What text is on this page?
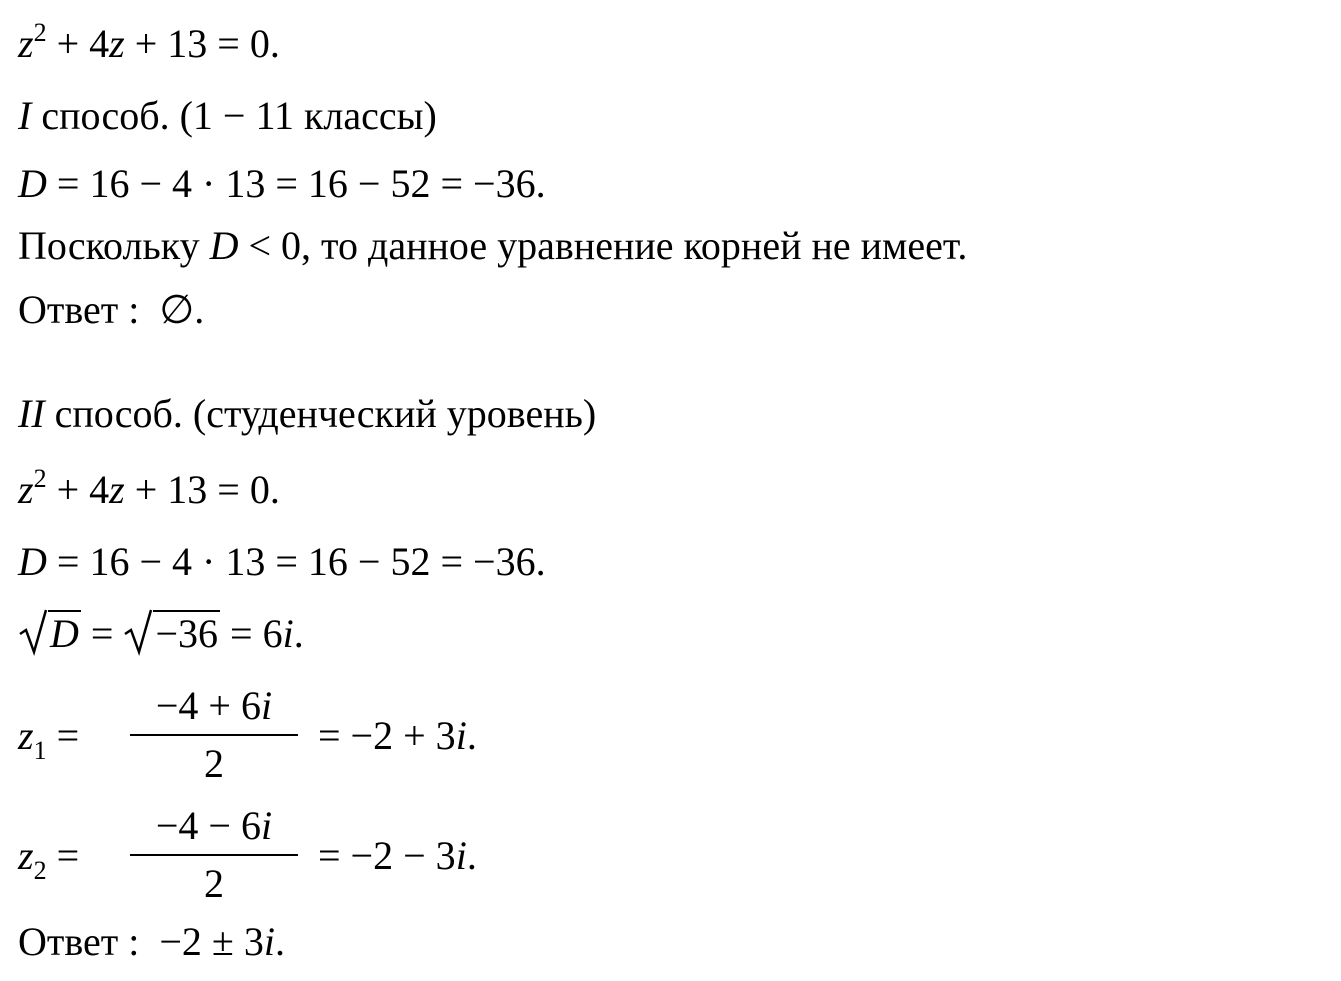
$z^2 + 4z + 13 = 0$.
I способ. (1 − 11 классы)
D = 16 − 4 · 13 = 16 − 52 = −36.
Поскольку D < 0, то данное уравнение корней не имеет.
Ответ : ∅.
II способ. (студенческий уровень)
$z^2 + 4z + 13 = 0$.
D = 16 − 4 · 13 = 16 − 52 = −36.
D =
−36 = 6i.
$z_1$ =
−4 + 6i
2
= −2 + 3i.
$z_2$ =
−4 − 6i
2
= −2 − 3i.
Ответ : −2 ± 3i.
